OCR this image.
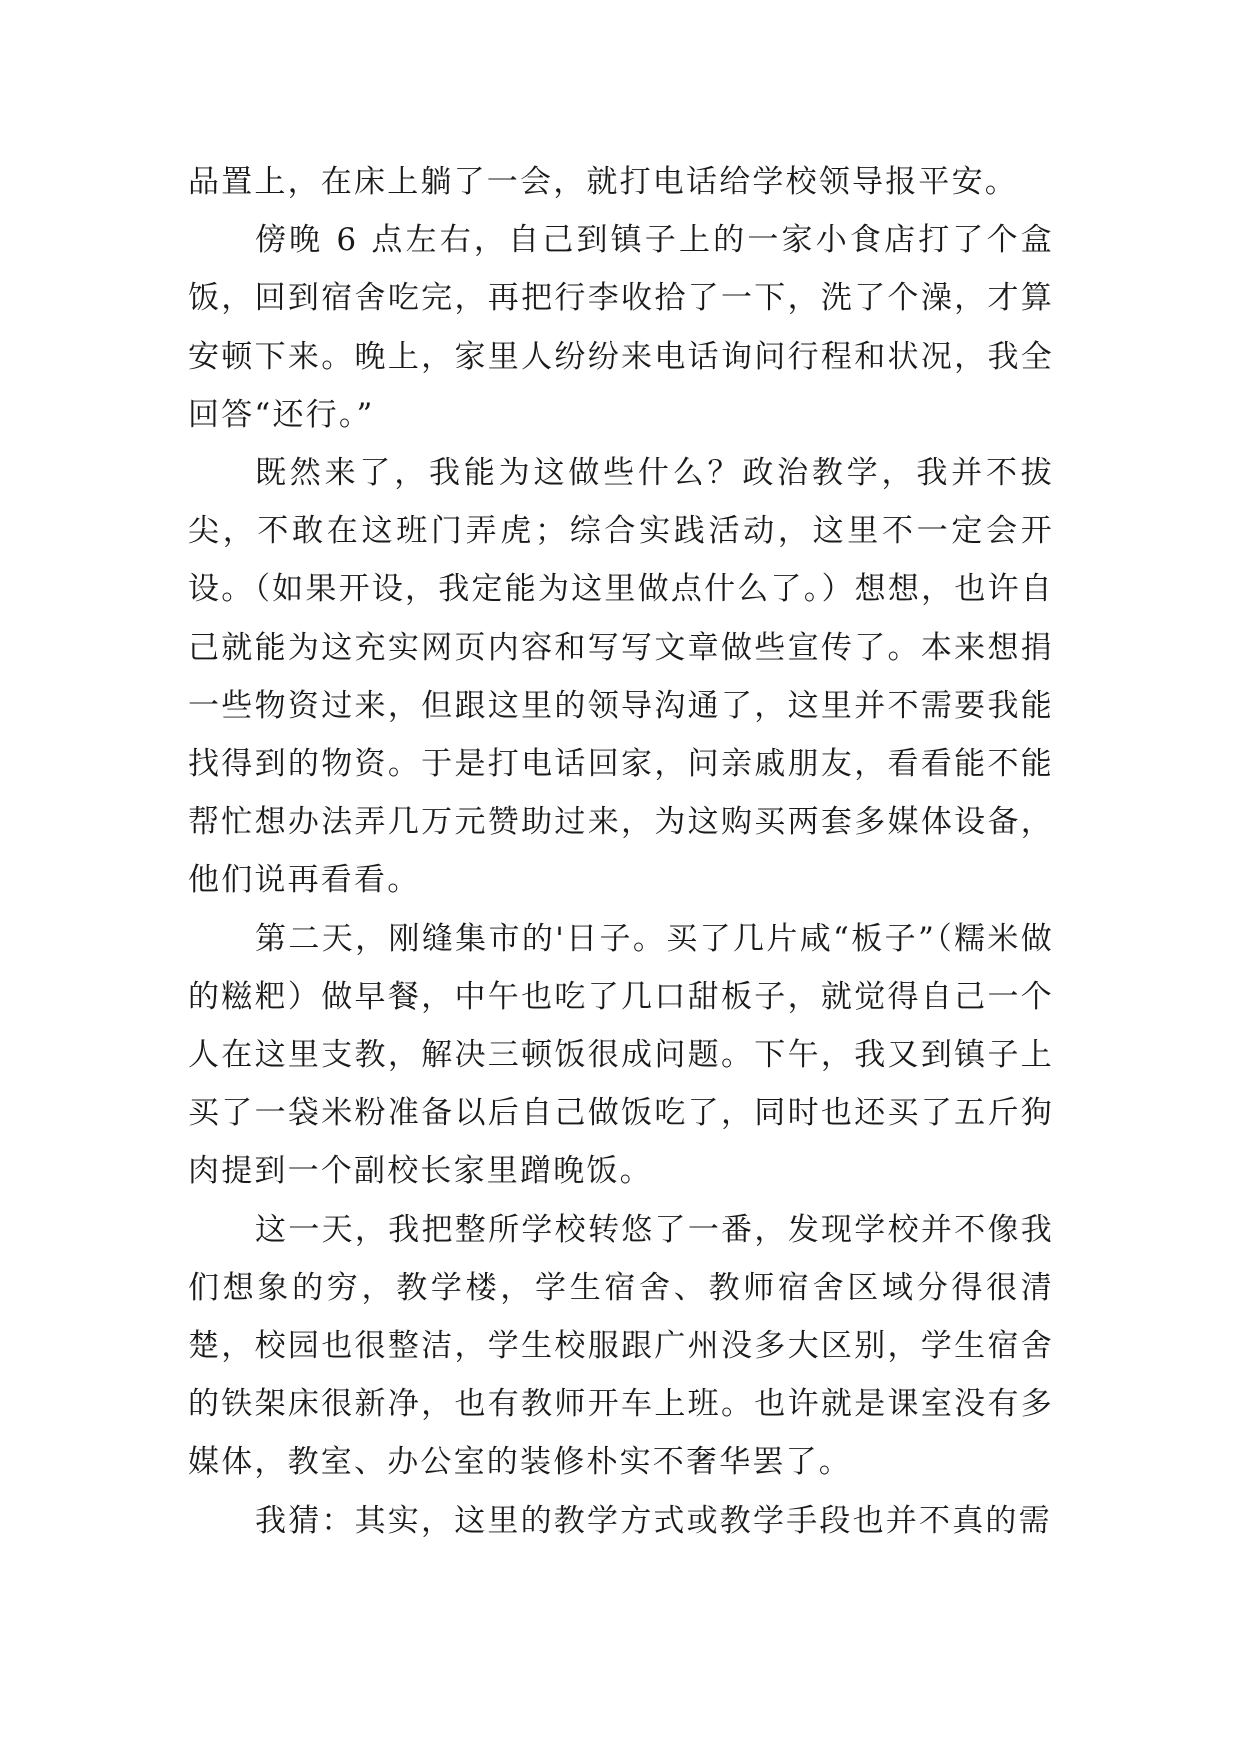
品置上，在床上躺了一会，就打电话给学校领导报平安。

傍晚 6 点左右，自己到镇子上的一家小食店打了个盒饭，回到宿舍吃完，再把行李收拾了一下，洗了个澡，才算安顿下来。晚上，家里人纷纷来电话询问行程和状况，我全回答“还行。”

既然来了，我能为这做些什么？政治教学，我并不拔尖，不敢在这班门弄虎；综合实践活动，这里不一定会开设。（如果开设，我定能为这里做点什么了。）想想，也许自己就能为这充实网页内容和写写文章做些宣传了。本来想捐一些物资过来，但跟这里的领导沟通了，这里并不需要我能找得到的物资。于是打电话回家，问亲戚朋友，看看能不能帮忙想办法弄几万元赞助过来，为这购买两套多媒体设备，他们说再看看。

第二天，刚缝集市的'日子。买了几片咸“板子”（糯米做的糍粑）做早餐，中午也吃了几口甜板子，就觉得自己一个人在这里支教，解决三顿饭很成问题。下午，我又到镇子上买了一袋米粉准备以后自己做饭吃了，同时也还买了五斤狗肉提到一个副校长家里蹭晚饭。

这一天，我把整所学校转悠了一番，发现学校并不像我们想象的穷，教学楼，学生宿舍、教师宿舍区域分得很清楚，校园也很整洁，学生校服跟广州没多大区别，学生宿舍的铁架床很新净，也有教师开车上班。也许就是课室没有多媒体，教室、办公室的装修朴实不奢华罢了。

我猜：其实，这里的教学方式或教学手段也并不真的需
